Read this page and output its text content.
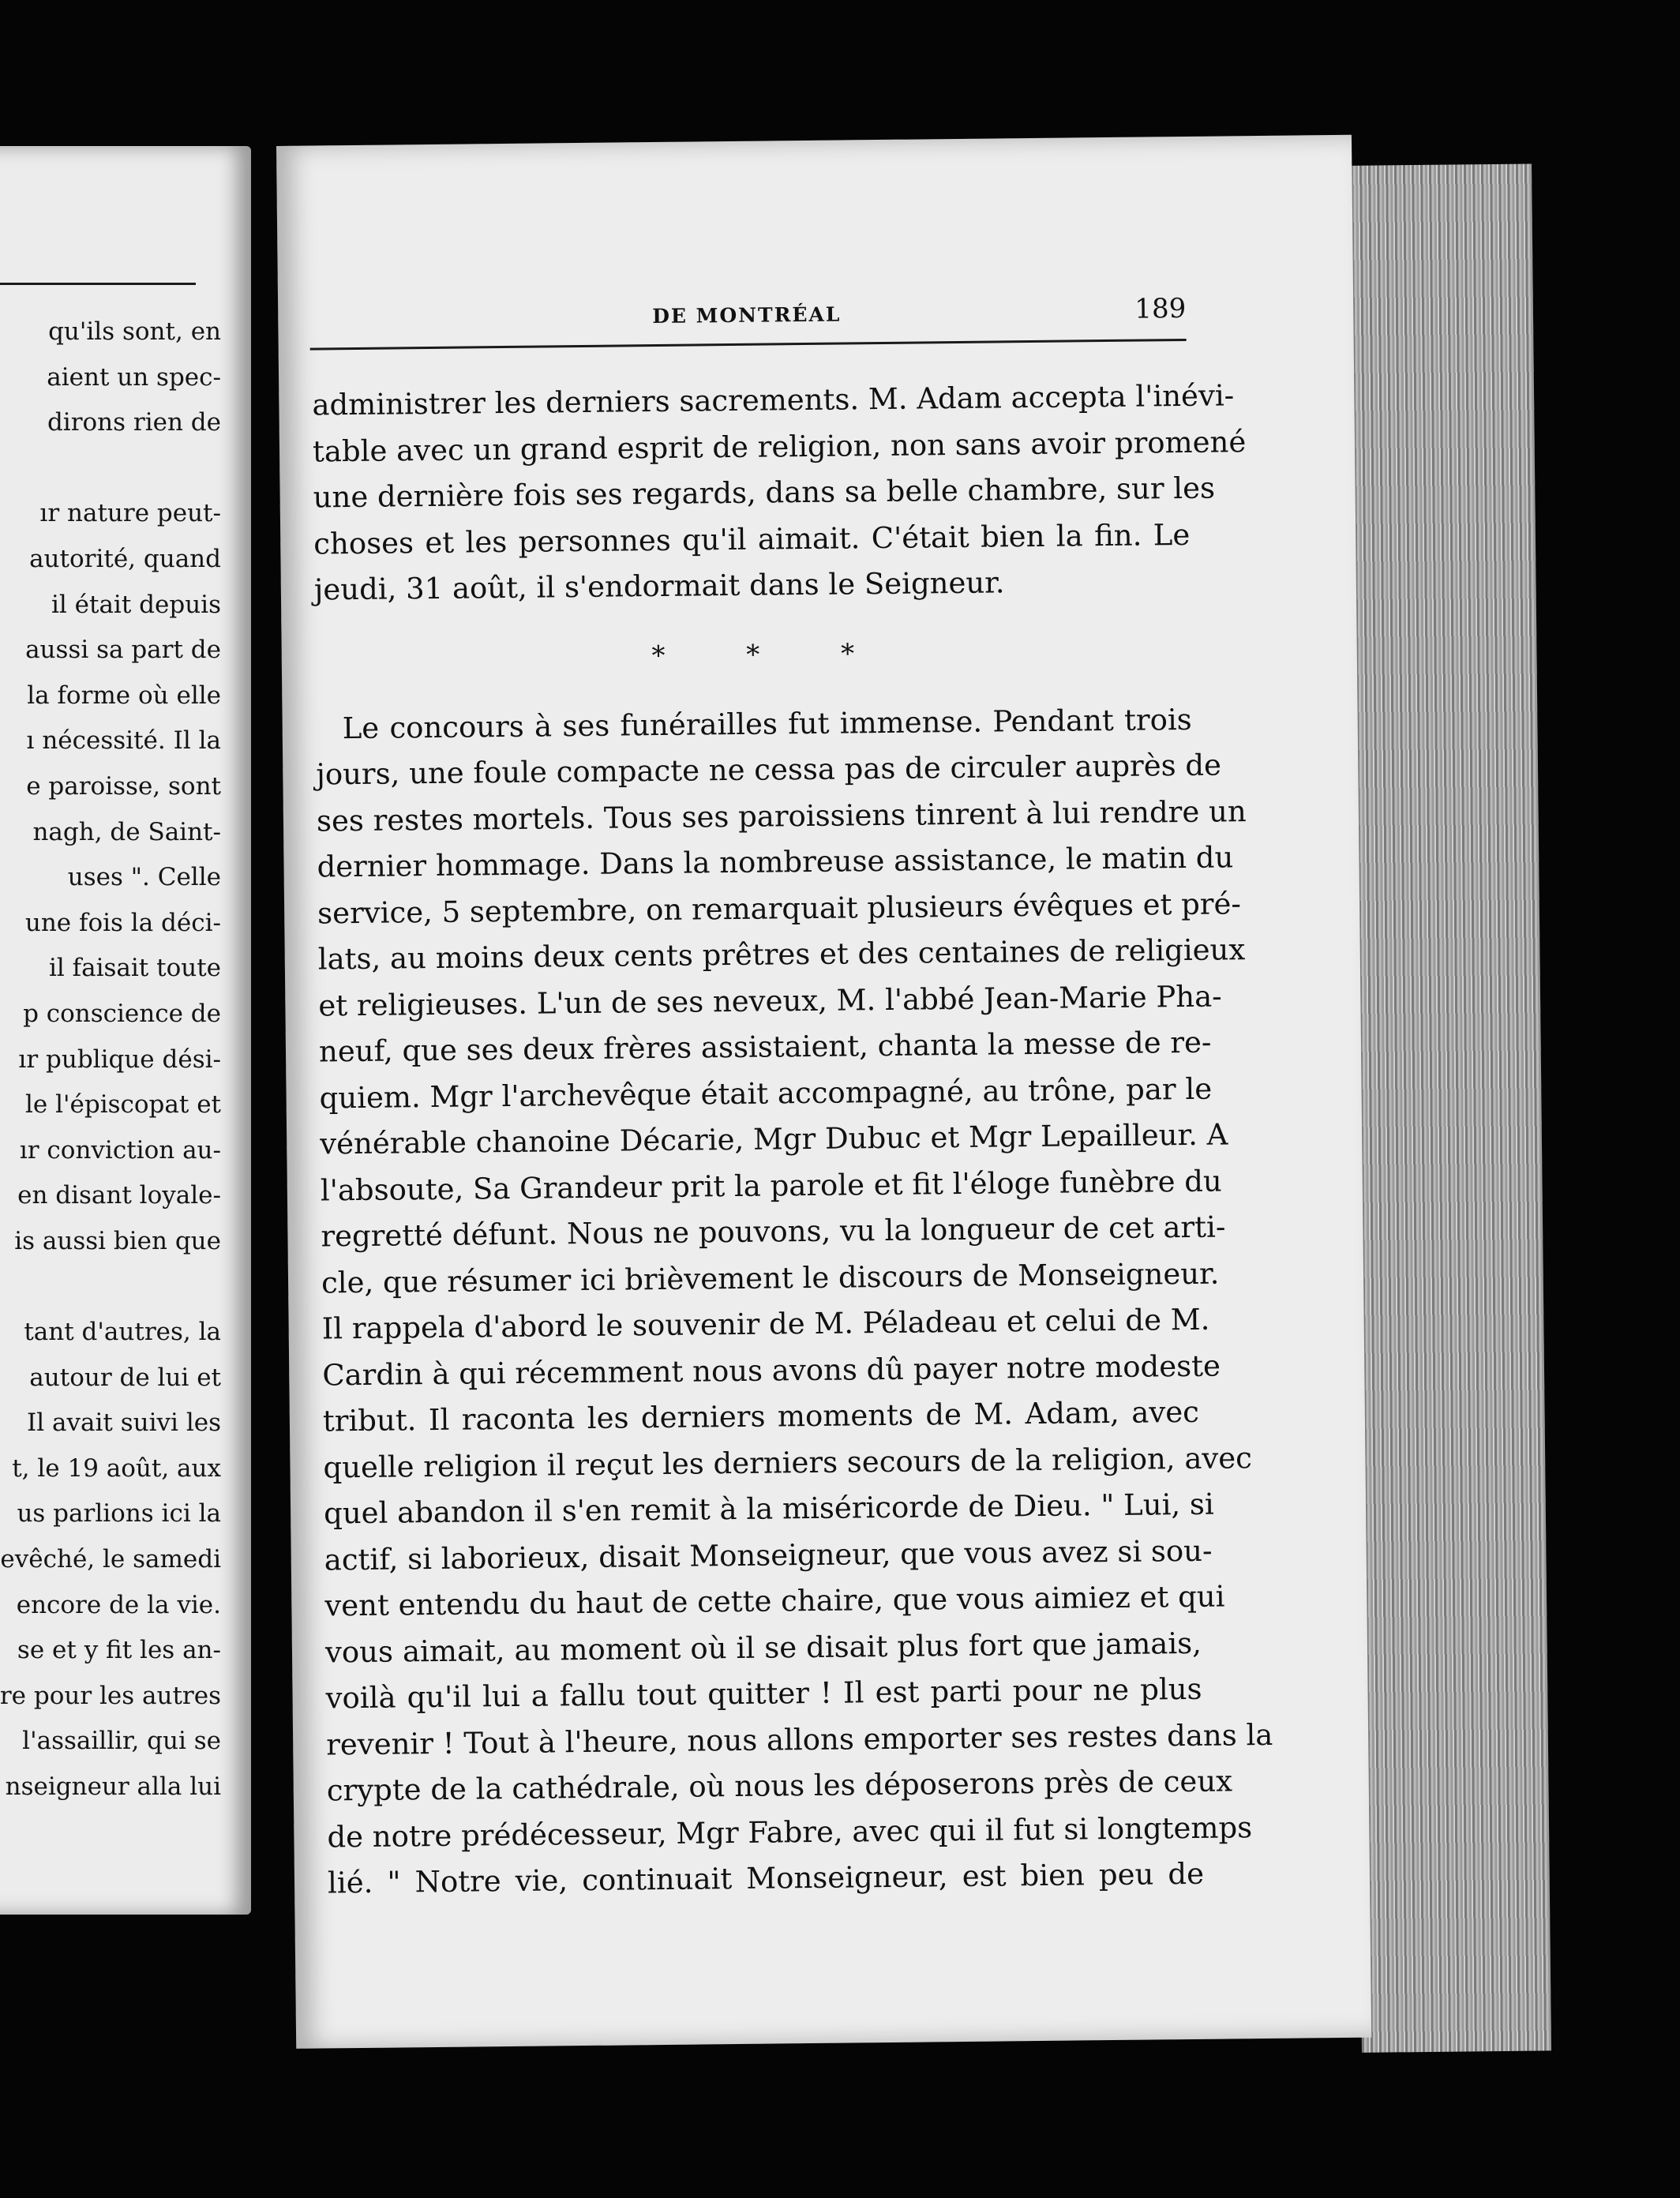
qu'ils sont, en
aient un spec-
dirons rien de
ır nature peut-
autorité, quand
il était depuis
aussi sa part de
la forme où elle
ı nécessité. Il la
e paroisse, sont
nagh, de Saint-
uses ". Celle
une fois la déci-
il faisait toute
p conscience de
ır publique dési-
le l'épiscopat et
ır conviction au-
en disant loyale-
is aussi bien que
tant d'autres, la
autour de lui et
Il avait suivi les
t, le 19 août, aux
us parlions ici la
evêché, le samedi
encore de la vie.
se et y fit les an-
re pour les autres
l'assaillir, qui se
nseigneur alla lui
DE MONTRÉAL	189
administrer les derniers sacrements. M. Adam accepta l'inévi-
table avec un grand esprit de religion, non sans avoir promené
une dernière fois ses regards, dans sa belle chambre, sur les
choses et les personnes qu'il aimait. C'était bien la fin. Le
jeudi, 31 août, il s'endormait dans le Seigneur.
* * *
Le concours à ses funérailles fut immense. Pendant trois
jours, une foule compacte ne cessa pas de circuler auprès de
ses restes mortels. Tous ses paroissiens tinrent à lui rendre un
dernier hommage. Dans la nombreuse assistance, le matin du
service, 5 septembre, on remarquait plusieurs évêques et pré-
lats, au moins deux cents prêtres et des centaines de religieux
et religieuses. L'un de ses neveux, M. l'abbé Jean-Marie Pha-
neuf, que ses deux frères assistaient, chanta la messe de re-
quiem. Mgr l'archevêque était accompagné, au trône, par le
vénérable chanoine Décarie, Mgr Dubuc et Mgr Lepailleur. A
l'absoute, Sa Grandeur prit la parole et fit l'éloge funèbre du
regretté défunt. Nous ne pouvons, vu la longueur de cet arti-
cle, que résumer ici brièvement le discours de Monseigneur.
Il rappela d'abord le souvenir de M. Péladeau et celui de M.
Cardin à qui récemment nous avons dû payer notre modeste
tribut. Il raconta les derniers moments de M. Adam, avec
quelle religion il reçut les derniers secours de la religion, avec
quel abandon il s'en remit à la miséricorde de Dieu. " Lui, si
actif, si laborieux, disait Monseigneur, que vous avez si sou-
vent entendu du haut de cette chaire, que vous aimiez et qui
vous aimait, au moment où il se disait plus fort que jamais,
voilà qu'il lui a fallu tout quitter ! Il est parti pour ne plus
revenir ! Tout à l'heure, nous allons emporter ses restes dans la
crypte de la cathédrale, où nous les déposerons près de ceux
de notre prédécesseur, Mgr Fabre, avec qui il fut si longtemps
lié. " Notre vie, continuait Monseigneur, est bien peu de
